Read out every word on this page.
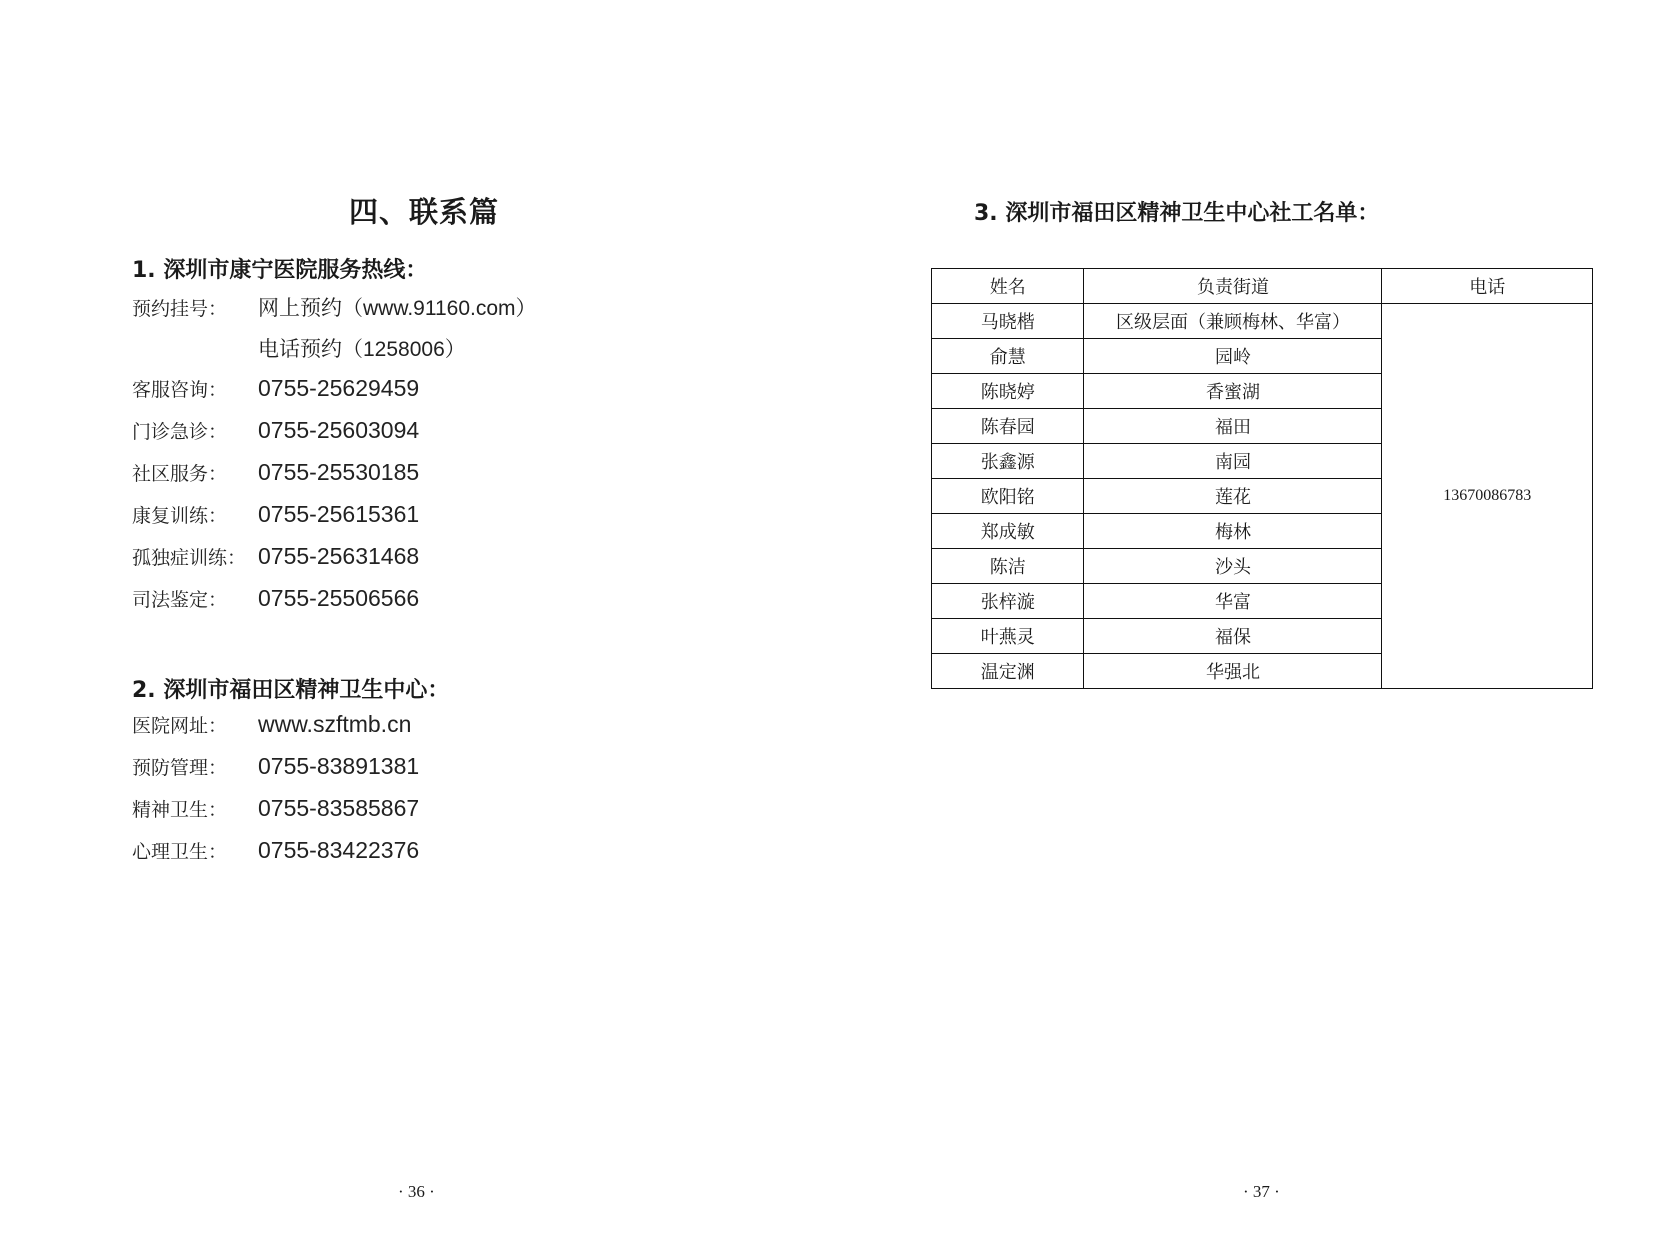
四、联系篇
1. 深圳市康宁医院服务热线：
预约挂号： 网上预约（www.91160.com）
电话预约（1258006）
客服咨询： 0755-25629459
门诊急诊： 0755-25603094
社区服务： 0755-25530185
康复训练： 0755-25615361
孤独症训练： 0755-25631468
司法鉴定： 0755-25506566
2. 深圳市福田区精神卫生中心：
医院网址： www.szftmb.cn
预防管理： 0755-83891381
精神卫生： 0755-83585867
心理卫生： 0755-83422376
· 36 ·
3. 深圳市福田区精神卫生中心社工名单：
姓名	负责街道	电话
马晓楷	区级层面（兼顾梅林、华富）	13670086783
俞慧	园岭	
陈晓婷	香蜜湖	
陈春园	福田	
张鑫源	南园	
欧阳铭	莲花	
郑成敏	梅林	
陈洁	沙头	
张梓漩	华富	
叶燕灵	福保	
温定渊	华强北	
· 37 ·
